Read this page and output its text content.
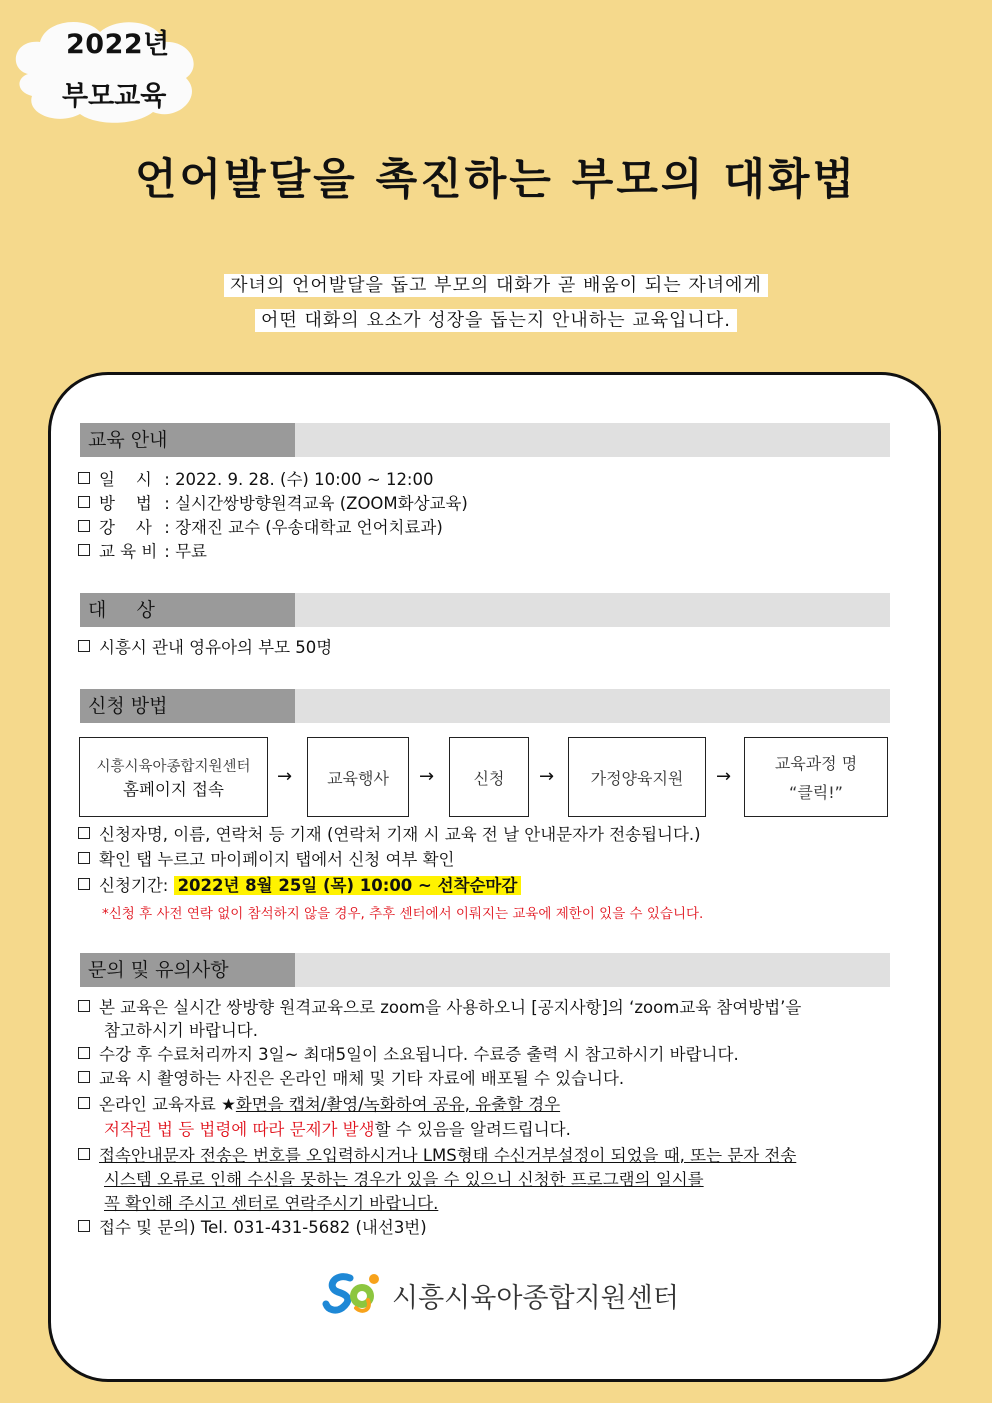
2022년
부모교육
언어발달을 촉진하는 부모의 대화법
자녀의 언어발달을 돕고 부모의 대화가 곧 배움이 되는 자녀에게
어떤 대화의 요소가 성장을 돕는지 안내하는 교육입니다.
교육 안내
일    시 : 2022. 9. 28. (수) 10:00 ~ 12:00
방    법 : 실시간쌍방향원격교육 (ZOOM화상교육)
강    사 : 장재진 교수 (우송대학교 언어치료과)
교 육 비 : 무료
대     상
시흥시 관내 영유아의 부모 50명
신청 방법
시흥시육아종합지원센터
홈페이지 접속
→ 교육행사 → 신청 → 가정양육지원 →
교육과정 명
“클릭!”
신청자명, 이름, 연락처 등 기재 (연락처 기재 시 교육 전 날 안내문자가 전송됩니다.)
확인 탭 누르고 마이페이지 탭에서 신청 여부 확인
신청기간: 2022년 8월 25일 (목) 10:00 ~ 선착순마감
*신청 후 사전 연락 없이 참석하지 않을 경우, 추후 센터에서 이뤄지는 교육에 제한이 있을 수 있습니다.
문의 및 유의사항
본 교육은 실시간 쌍방향 원격교육으로 zoom을 사용하오니 [공지사항]의 ‘zoom교육 참여방법’을
참고하시기 바랍니다.
수강 후 수료처리까지 3일~ 최대5일이 소요됩니다. 수료증 출력 시 참고하시기 바랍니다.
교육 시 촬영하는 사진은 온라인 매체 및 기타 자료에 배포될 수 있습니다.
온라인 교육자료 ★화면을 캡쳐/촬영/녹화하여 공유, 유출할 경우
저작권 법 등 법령에 따라 문제가 발생할 수 있음을 알려드립니다.
접속안내문자 전송은 번호를 오입력하시거나 LMS형태 수신거부설정이 되었을 때, 또는 문자 전송
시스템 오류로 인해 수신을 못하는 경우가 있을 수 있으니 신청한 프로그램의 일시를
꼭 확인해 주시고 센터로 연락주시기 바랍니다.
접수 및 문의) Tel. 031-431-5682 (내선3번)
시흥시육아종합지원센터
